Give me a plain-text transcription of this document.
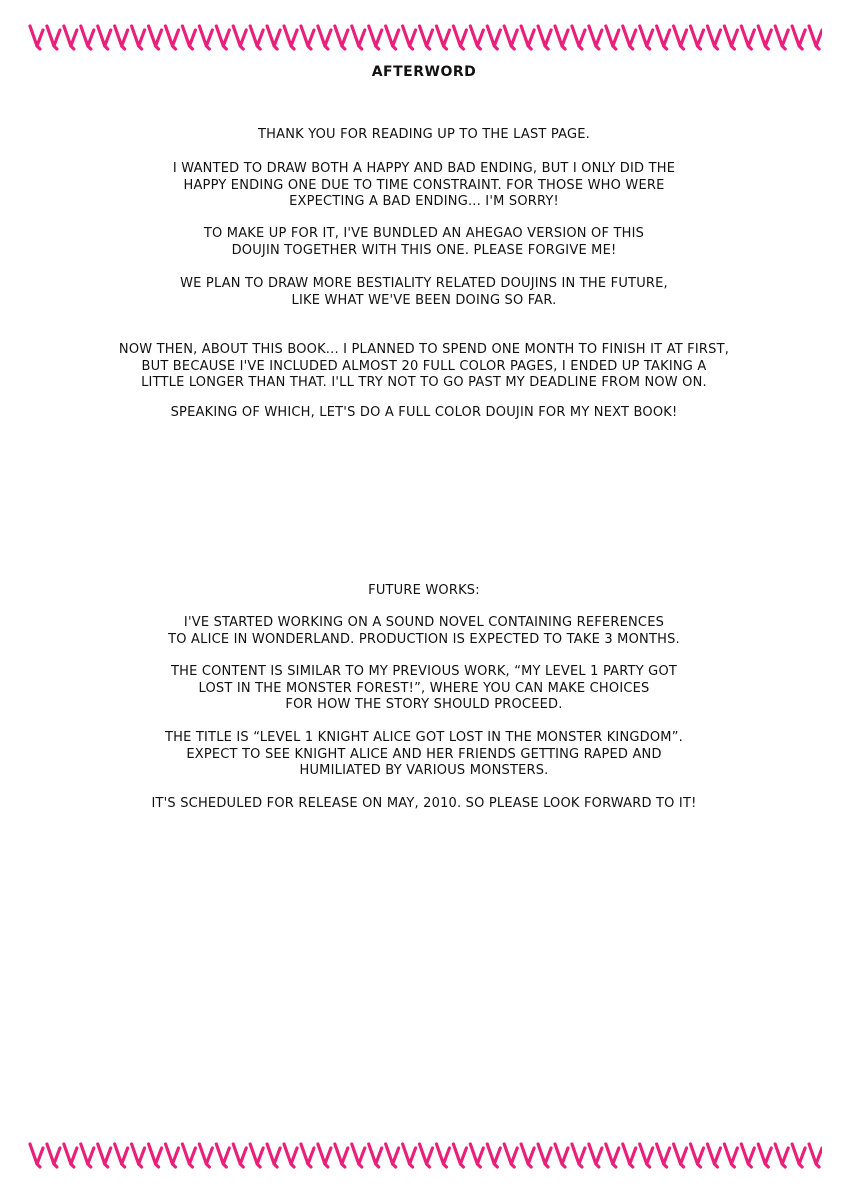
AFTERWORD

THANK YOU FOR READING UP TO THE LAST PAGE.

I WANTED TO DRAW BOTH A HAPPY AND BAD ENDING, BUT I ONLY DID THE
HAPPY ENDING ONE DUE TO TIME CONSTRAINT. FOR THOSE WHO WERE
EXPECTING A BAD ENDING... I'M SORRY!

TO MAKE UP FOR IT, I'VE BUNDLED AN AHEGAO VERSION OF THIS
DOUJIN TOGETHER WITH THIS ONE. PLEASE FORGIVE ME!

WE PLAN TO DRAW MORE BESTIALITY RELATED DOUJINS IN THE FUTURE,
LIKE WHAT WE'VE BEEN DOING SO FAR.

NOW THEN, ABOUT THIS BOOK... I PLANNED TO SPEND ONE MONTH TO FINISH IT AT FIRST,
BUT BECAUSE I'VE INCLUDED ALMOST 20 FULL COLOR PAGES, I ENDED UP TAKING A
LITTLE LONGER THAN THAT. I'LL TRY NOT TO GO PAST MY DEADLINE FROM NOW ON.

SPEAKING OF WHICH, LET'S DO A FULL COLOR DOUJIN FOR MY NEXT BOOK!

FUTURE WORKS:

I'VE STARTED WORKING ON A SOUND NOVEL CONTAINING REFERENCES
TO ALICE IN WONDERLAND. PRODUCTION IS EXPECTED TO TAKE 3 MONTHS.

THE CONTENT IS SIMILAR TO MY PREVIOUS WORK, “MY LEVEL 1 PARTY GOT
LOST IN THE MONSTER FOREST!”, WHERE YOU CAN MAKE CHOICES
FOR HOW THE STORY SHOULD PROCEED.

THE TITLE IS “LEVEL 1 KNIGHT ALICE GOT LOST IN THE MONSTER KINGDOM”.
EXPECT TO SEE KNIGHT ALICE AND HER FRIENDS GETTING RAPED AND
HUMILIATED BY VARIOUS MONSTERS.

IT'S SCHEDULED FOR RELEASE ON MAY, 2010. SO PLEASE LOOK FORWARD TO IT!
